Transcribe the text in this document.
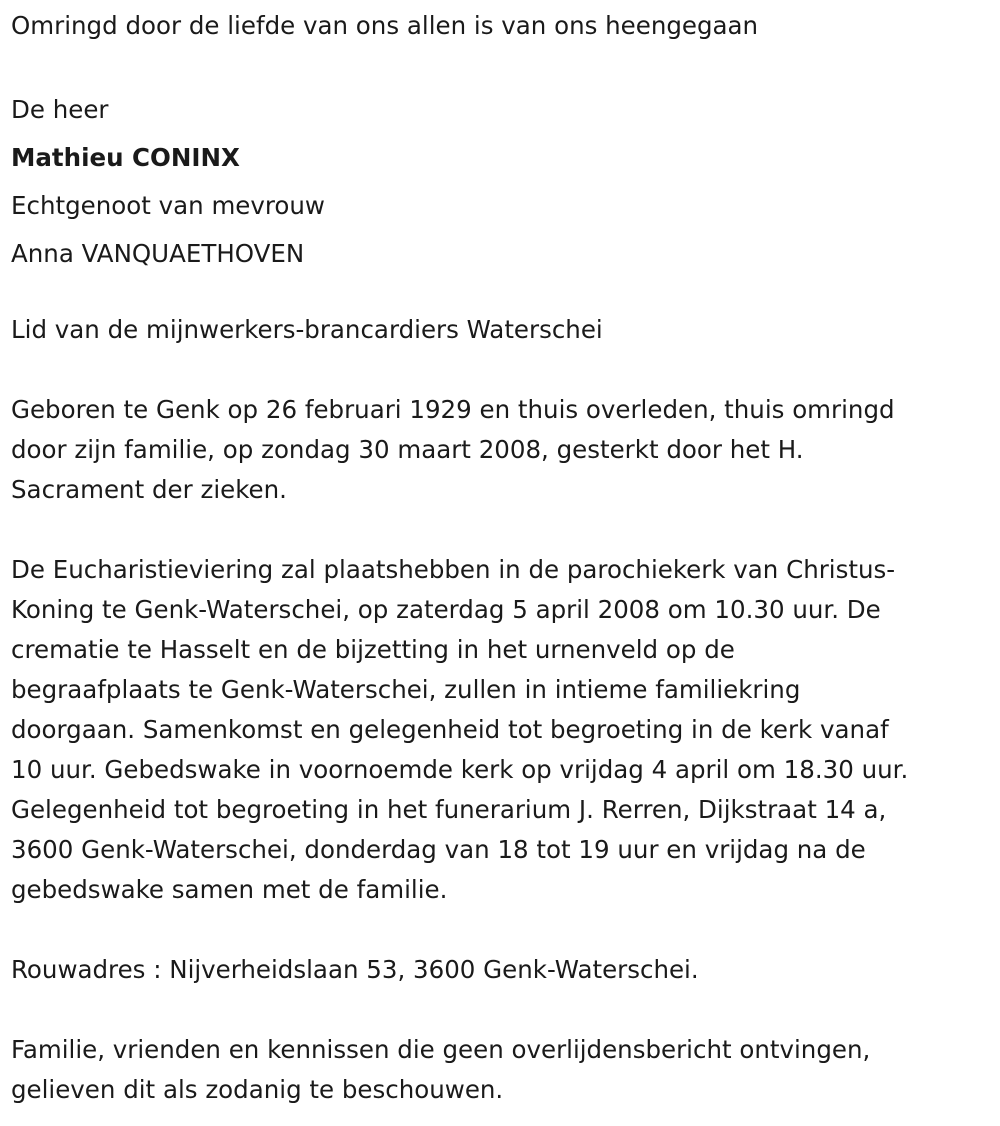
Omringd door de liefde van ons allen is van ons heengegaan

De heer

Mathieu CONINX

Echtgenoot van mevrouw

Anna VANQUAETHOVEN

Lid van de mijnwerkers-brancardiers Waterschei

Geboren te Genk op 26 februari 1929 en thuis overleden, thuis omringd
door zijn familie, op zondag 30 maart 2008, gesterkt door het H.
Sacrament der zieken.

De Eucharistieviering zal plaatshebben in de parochiekerk van Christus-
Koning te Genk-Waterschei, op zaterdag 5 april 2008 om 10.30 uur. De
crematie te Hasselt en de bijzetting in het urnenveld op de
begraafplaats te Genk-Waterschei, zullen in intieme familiekring
doorgaan. Samenkomst en gelegenheid tot begroeting in de kerk vanaf
10 uur. Gebedswake in voornoemde kerk op vrijdag 4 april om 18.30 uur.
Gelegenheid tot begroeting in het funerarium J. Rerren, Dijkstraat 14 a,
3600 Genk-Waterschei, donderdag van 18 tot 19 uur en vrijdag na de
gebedswake samen met de familie.

Rouwadres : Nijverheidslaan 53, 3600 Genk-Waterschei.

Familie, vrienden en kennissen die geen overlijdensbericht ontvingen,
gelieven dit als zodanig te beschouwen.
